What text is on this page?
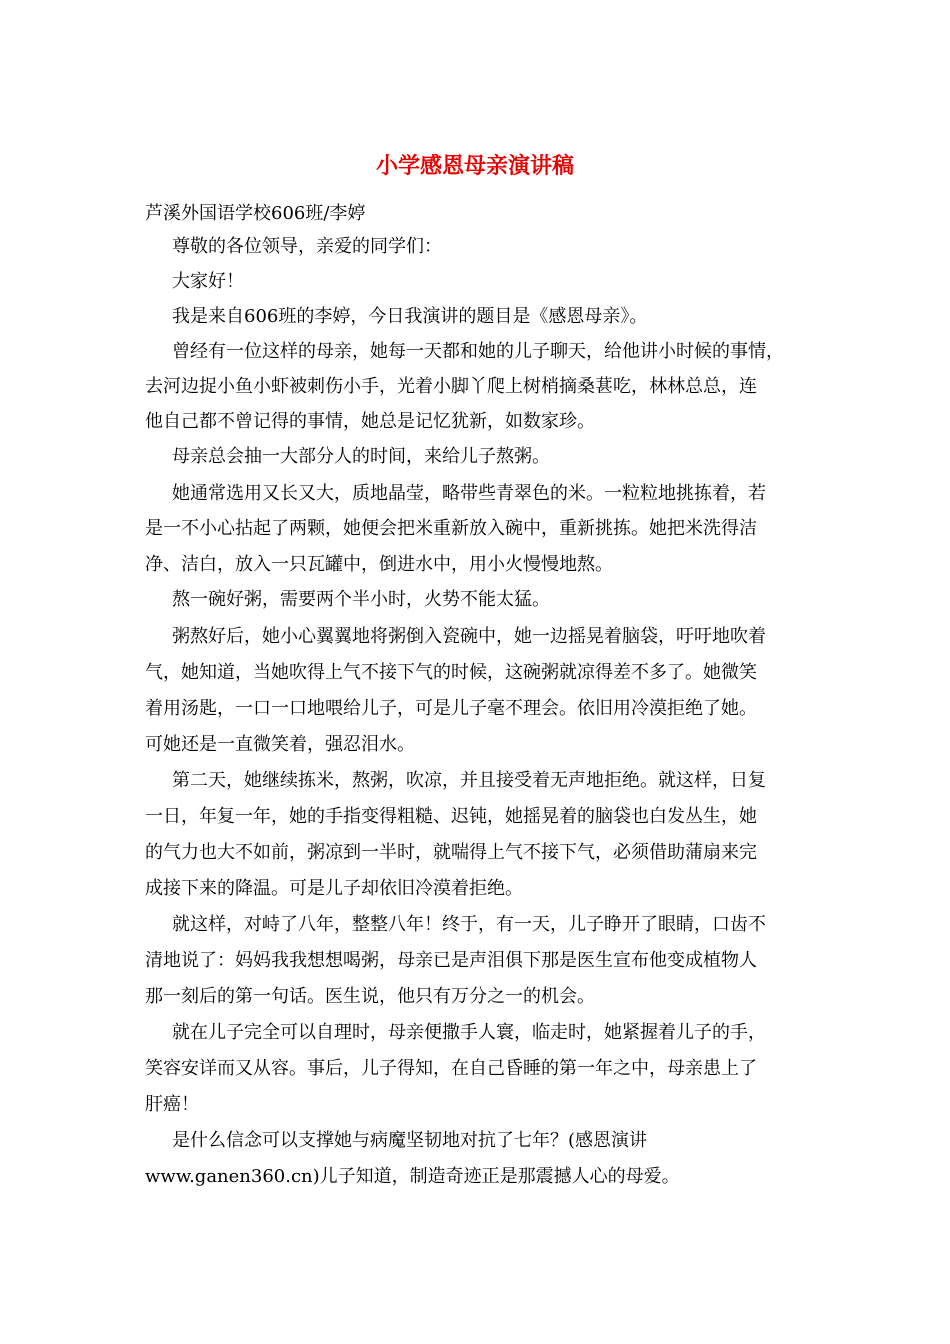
小学感恩母亲演讲稿

芦溪外国语学校606班/李婷

尊敬的各位领导，亲爱的同学们：

大家好！

我是来自606班的李婷，今日我演讲的题目是《感恩母亲》。

曾经有一位这样的母亲，她每一天都和她的儿子聊天，给他讲小时候的事情，

去河边捉小鱼小虾被刺伤小手，光着小脚丫爬上树梢摘桑葚吃，林林总总，连

他自己都不曾记得的事情，她总是记忆犹新，如数家珍。

母亲总会抽一大部分人的时间，来给儿子熬粥。

她通常选用又长又大，质地晶莹，略带些青翠色的米。一粒粒地挑拣着，若

是一不小心拈起了两颗，她便会把米重新放入碗中，重新挑拣。她把米洗得洁

净、洁白，放入一只瓦罐中，倒进水中，用小火慢慢地熬。

熬一碗好粥，需要两个半小时，火势不能太猛。

粥熬好后，她小心翼翼地将粥倒入瓷碗中，她一边摇晃着脑袋，吁吁地吹着

气，她知道，当她吹得上气不接下气的时候，这碗粥就凉得差不多了。她微笑

着用汤匙，一口一口地喂给儿子，可是儿子毫不理会。依旧用冷漠拒绝了她。

可她还是一直微笑着，强忍泪水。

第二天，她继续拣米，熬粥，吹凉，并且接受着无声地拒绝。就这样，日复

一日，年复一年，她的手指变得粗糙、迟钝，她摇晃着的脑袋也白发丛生，她

的气力也大不如前，粥凉到一半时，就喘得上气不接下气，必须借助蒲扇来完

成接下来的降温。可是儿子却依旧冷漠着拒绝。

就这样，对峙了八年，整整八年！终于，有一天，儿子睁开了眼睛，口齿不

清地说了：妈妈我我想想喝粥，母亲已是声泪俱下那是医生宣布他变成植物人

那一刻后的第一句话。医生说，他只有万分之一的机会。

就在儿子完全可以自理时，母亲便撒手人寰，临走时，她紧握着儿子的手，

笑容安详而又从容。事后，儿子得知，在自己昏睡的第一年之中，母亲患上了

肝癌！

是什么信念可以支撑她与病魔坚韧地对抗了七年？(感恩演讲

www.ganen360.cn)儿子知道，制造奇迹正是那震撼人心的母爱。
